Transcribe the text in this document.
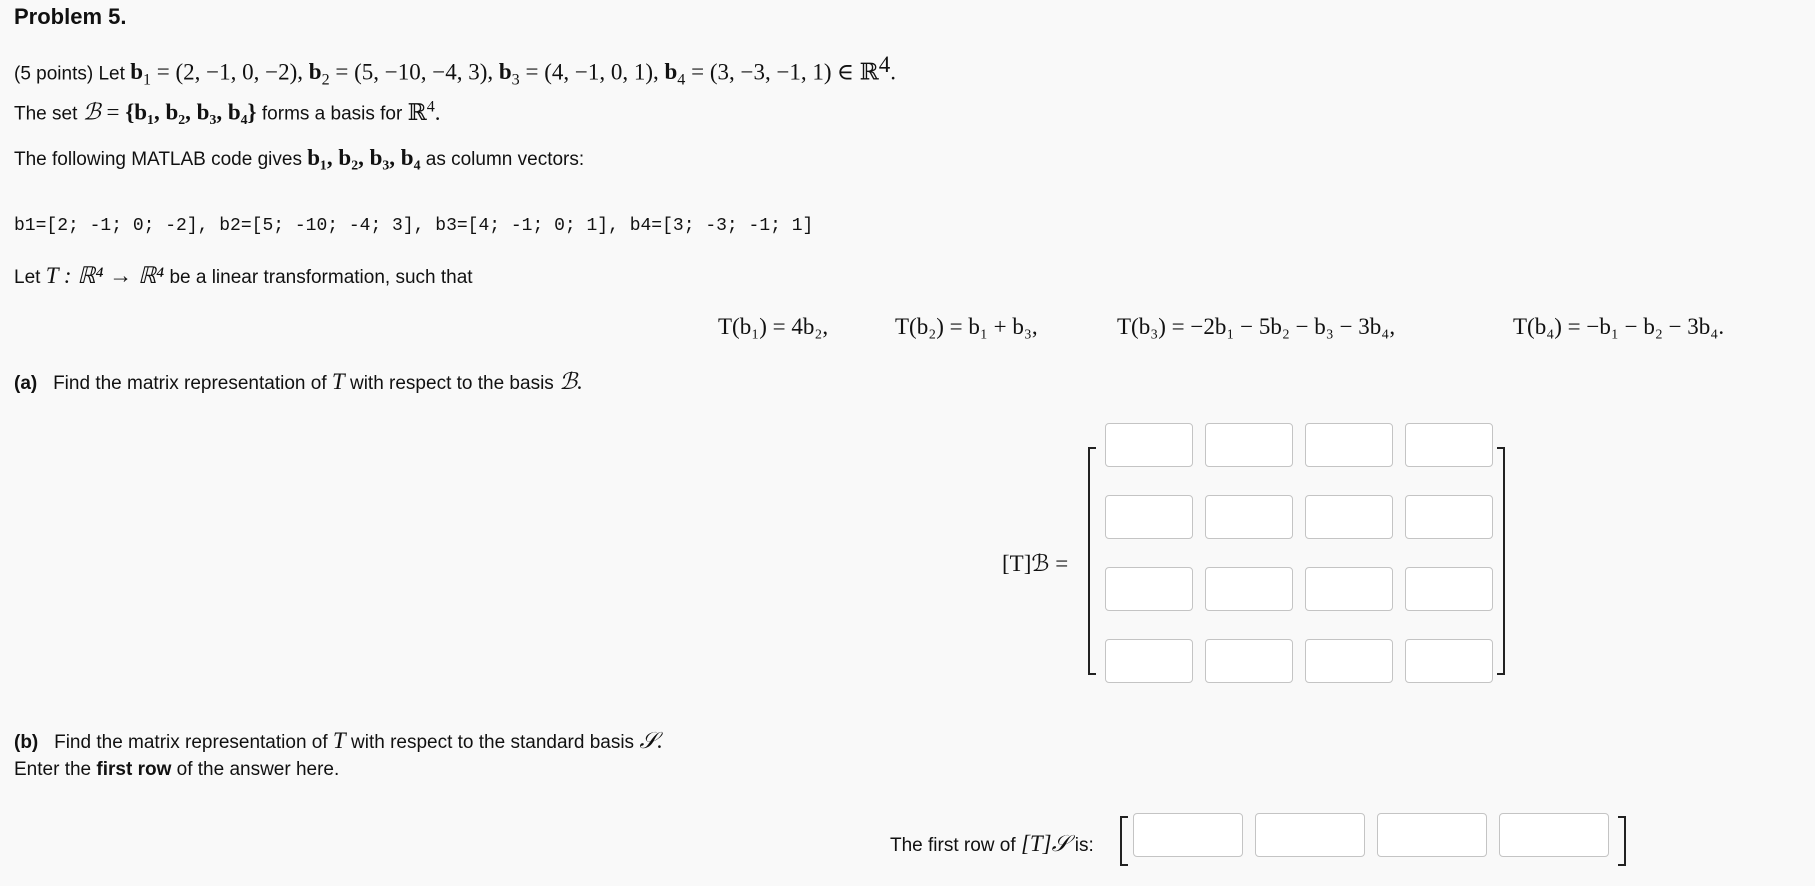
Problem 5.
(5 points) Let $b_1 = (2$, −1, 0, −2), $b_2 = (5$, −10, −4, 3), $b_3 = (4$, −1, 0, 1), $b_4 = (3$, −3, −1, 1) ∈ ℝ$^4$.
The set ℬ = {b₁, b₂, b₃, b₄} forms a basis for ℝ$^4$.
The following MATLAB code gives b₁, b₂, b₃, b₄ as column vectors:
b1=[2; -1; 0; -2], b2=[5; -10; -4; 3], b3=[4; -1; 0; 1], b4=[3; -3; -1; 1]
Let T : ℝ⁴ → ℝ⁴ be a linear transformation, such that
T(b₁) = 4b₂,	T(b₂) = b₁ + b₃,	T(b₃) = −2b₁ − 5b₂ − b₃ − 3b₄,	T(b₄) = −b₁ − b₂ − 3b₄.
(a) Find the matrix representation of T with respect to the basis ℬ.
[T]ℬ =
(b) Find the matrix representation of T with respect to the standard basis 𝒮.
Enter the first row of the answer here.
The first row of [T]𝒮 is:
